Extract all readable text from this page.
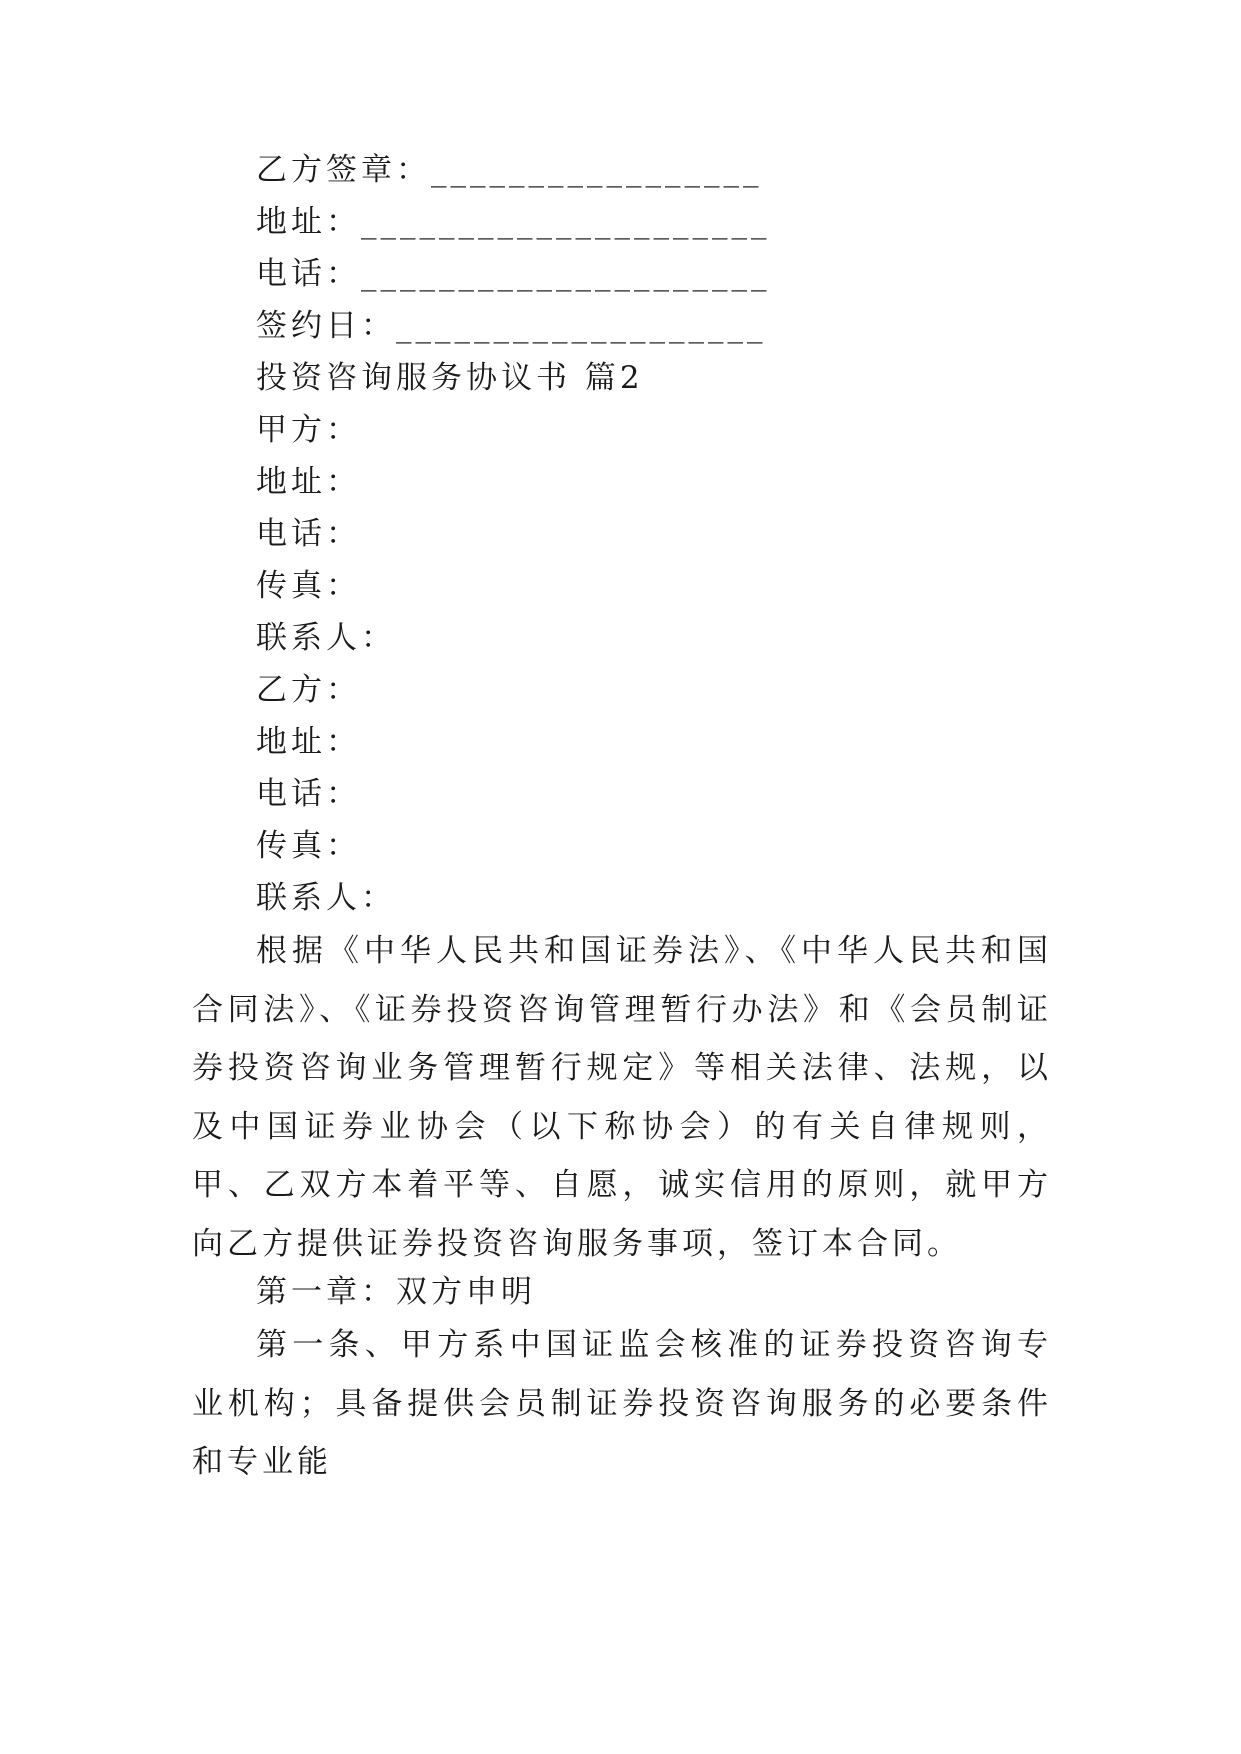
乙方签章：_________________
地址：_____________________
电话：_____________________
签约日：___________________
投资咨询服务协议书 篇2
甲方：
地址：
电话：
传真：
联系人：
乙方：
地址：
电话：
传真：
联系人：
根据《中华人民共和国证券法》、《中华人民共和国合同法》、《证券投资咨询管理暂行办法》和《会员制证券投资咨询业务管理暂行规定》等相关法律、法规，以及中国证券业协会（以下称协会）的有关自律规则，甲、乙双方本着平等、自愿，诚实信用的原则，就甲方向乙方提供证券投资咨询服务事项，签订本合同。
第一章：双方申明
第一条、甲方系中国证监会核准的证券投资咨询专业机构；具备提供会员制证券投资咨询服务的必要条件和专业能
